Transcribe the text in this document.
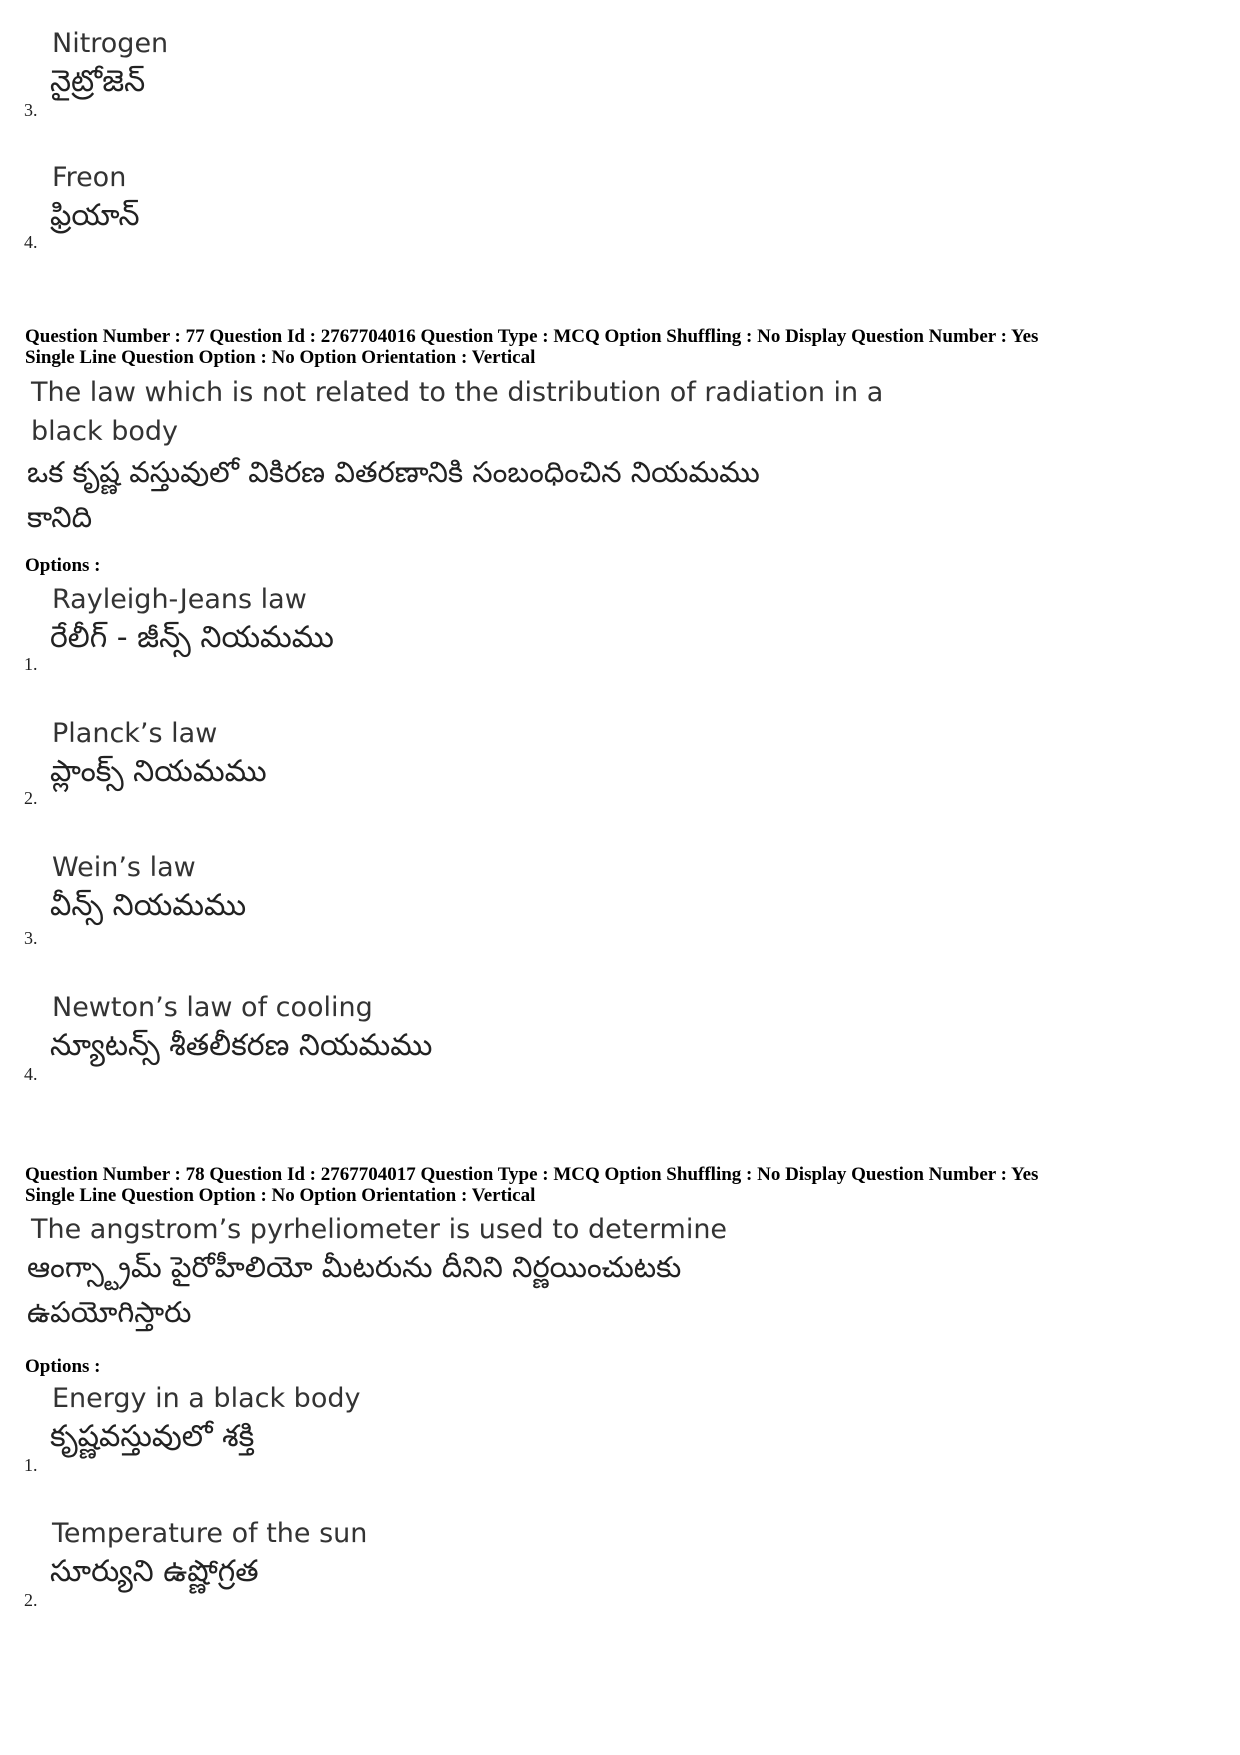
Nitrogen
నైట్రోజెన్
3.
Freon
ఫ్రియాన్
4.
Question Number : 77 Question Id : 2767704016 Question Type : MCQ Option Shuffling : No Display Question Number : Yes
Single Line Question Option : No Option Orientation : Vertical
The law which is not related to the distribution of radiation in a
black body
ఒక కృష్ణ వస్తువులో వికిరణ వితరణానికి సంబంధించిన నియమము
కానిది
Options :
Rayleigh-Jeans law
రేలీగ్ - జీన్స్ నియమము
1.
Planck’s law
ప్లాంక్స్ నియమము
2.
Wein’s law
వీన్స్ నియమము
3.
Newton’s law of cooling
న్యూటన్స్ శీతలీకరణ నియమము
4.
Question Number : 78 Question Id : 2767704017 Question Type : MCQ Option Shuffling : No Display Question Number : Yes
Single Line Question Option : No Option Orientation : Vertical
The angstrom’s pyrheliometer is used to determine
ఆంగ్స్ట్రామ్ పైరోహీలియో మీటరును దీనిని నిర్ణయించుటకు
ఉపయోగిస్తారు
Options :
Energy in a black body
కృష్ణవస్తువులో శక్తి
1.
Temperature of the sun
సూర్యుని ఉష్ణోగ్రత
2.
